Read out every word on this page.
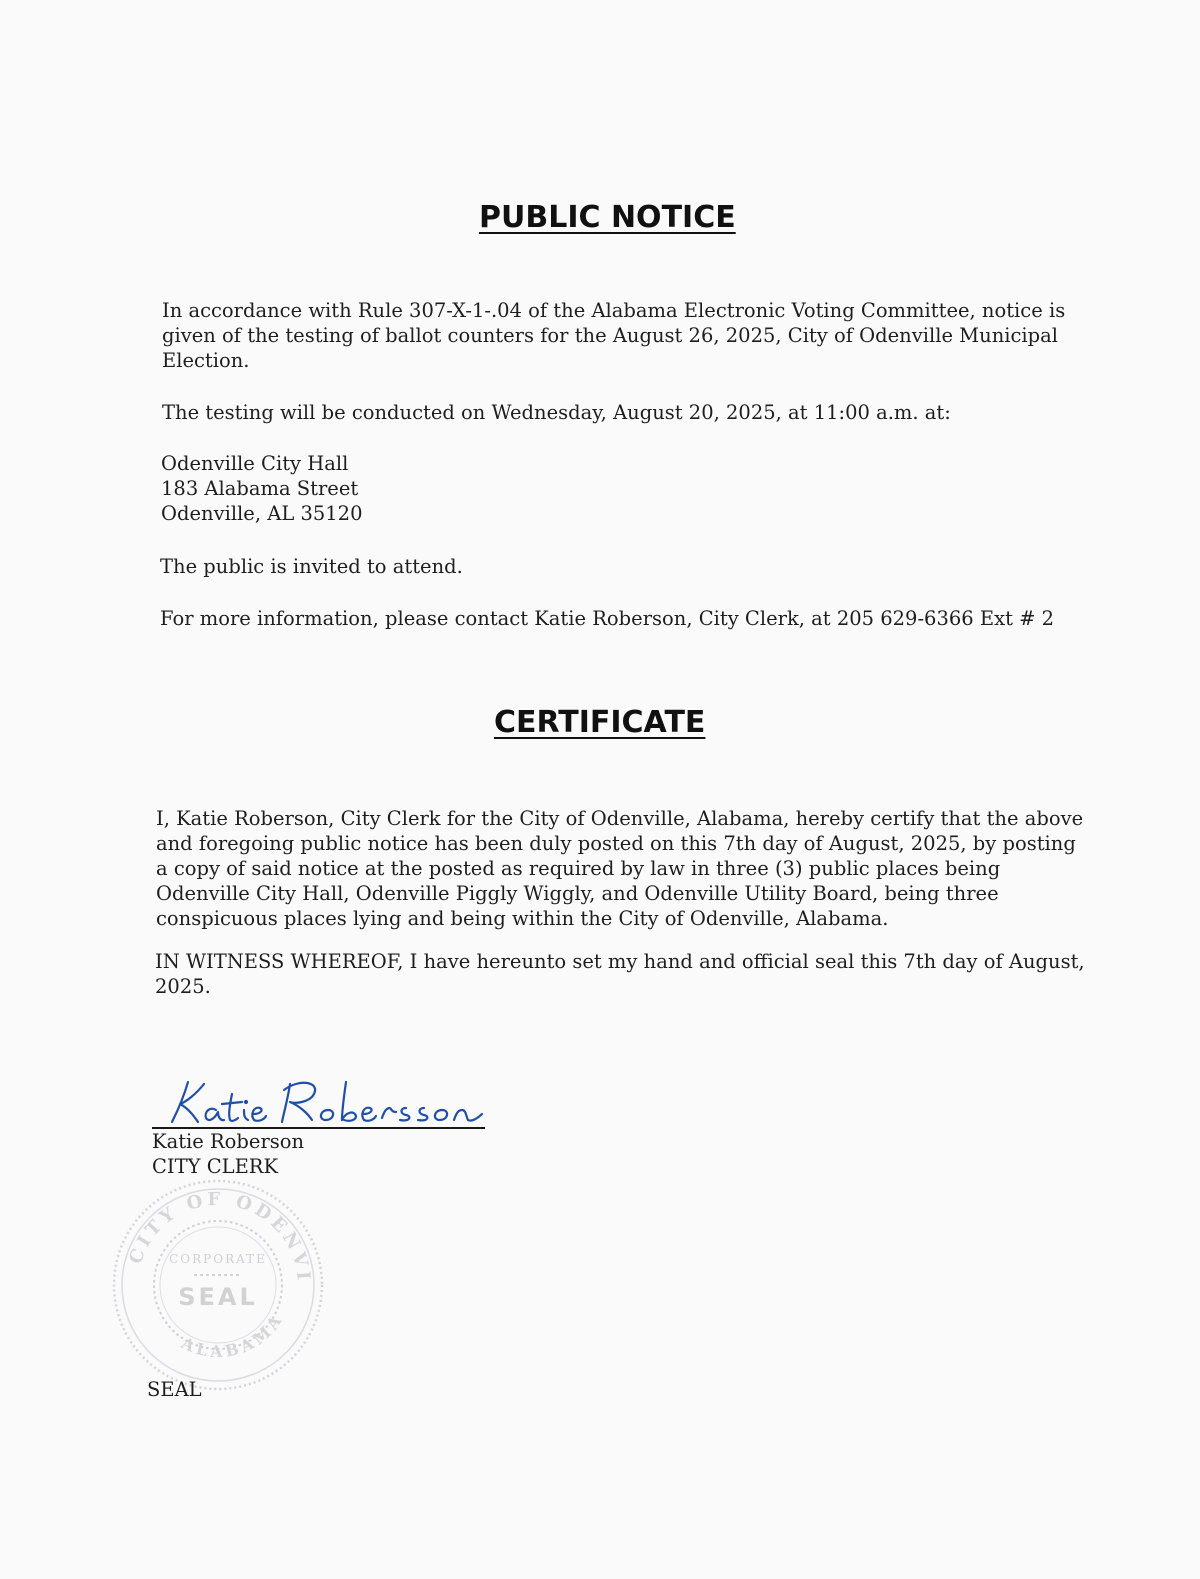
PUBLIC NOTICE
In accordance with Rule 307-X-1-.04 of the Alabama Electronic Voting Committee, notice is
given of the testing of ballot counters for the August 26, 2025, City of Odenville Municipal
Election.
The testing will be conducted on Wednesday, August 20, 2025, at 11:00 a.m. at:
Odenville City Hall
183 Alabama Street
Odenville, AL 35120
The public is invited to attend.
For more information, please contact Katie Roberson, City Clerk, at 205 629-6366 Ext # 2
CERTIFICATE
I, Katie Roberson, City Clerk for the City of Odenville, Alabama, hereby certify that the above
and foregoing public notice has been duly posted on this 7th day of August, 2025, by posting
a copy of said notice at the posted as required by law in three (3) public places being
Odenville City Hall, Odenville Piggly Wiggly, and Odenville Utility Board, being three
conspicuous places lying and being within the City of Odenville, Alabama.
IN WITNESS WHEREOF, I have hereunto set my hand and official seal this 7th day of August,
2025.
Katie Roberson
CITY CLERK
CITY OF ODENVI
ALABAMA
CORPORATE
SEAL
SEAL
